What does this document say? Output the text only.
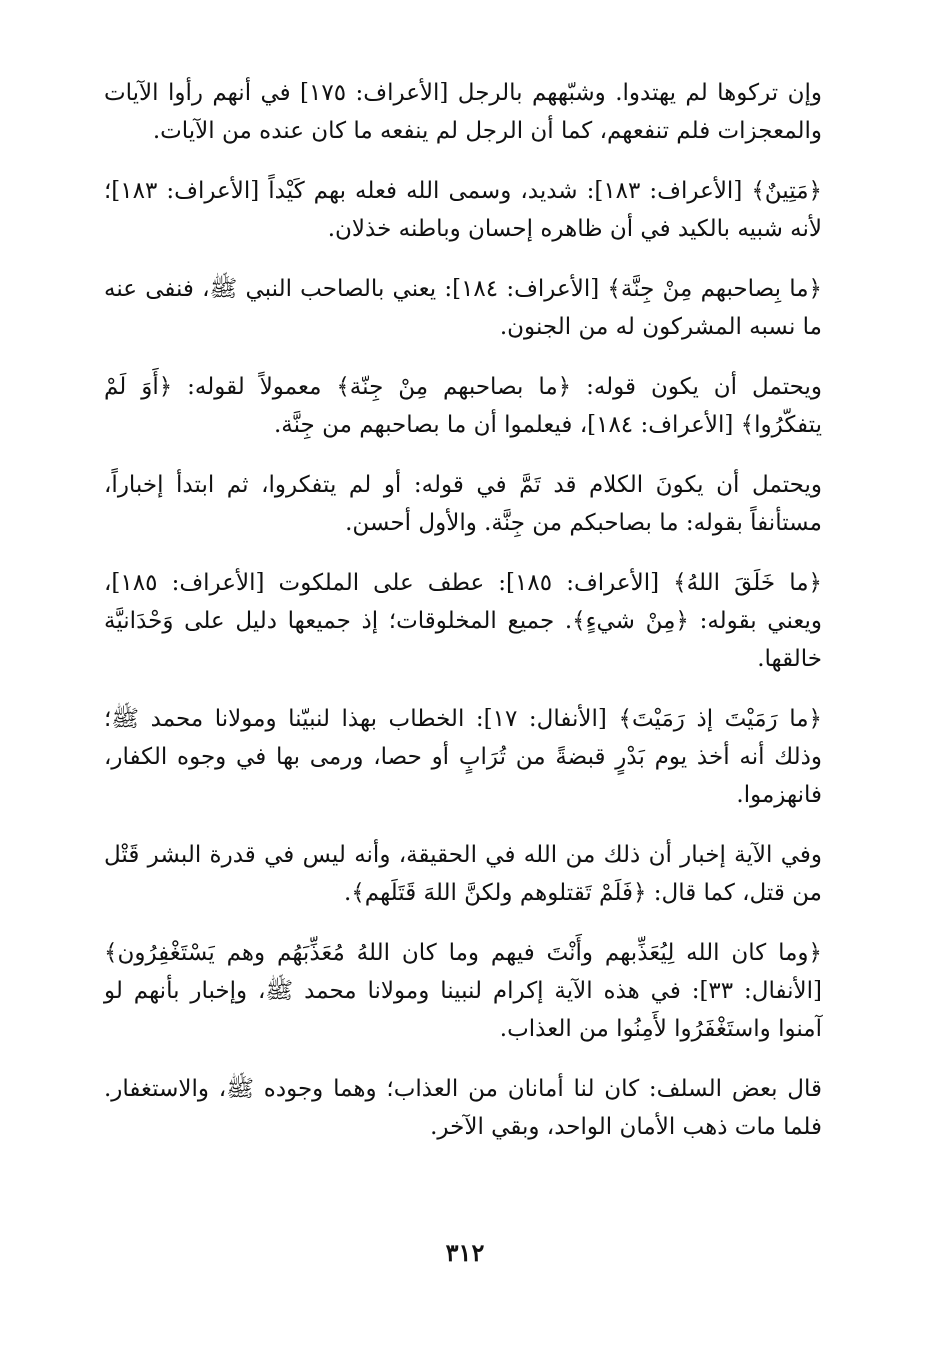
وإن تركوها لم يهتدوا. وشبّههم بالرجل [الأعراف: ١٧٥] في أنهم رأوا الآيات والمعجزات فلم تنفعهم، كما أن الرجل لم ينفعه ما كان عنده من الآيات.

﴿مَتِينٌ﴾ [الأعراف: ١٨٣]: شديد، وسمى الله فعله بهم كَيْداً [الأعراف: ١٨٣]؛ لأنه شبيه بالكيد في أن ظاهره إحسان وباطنه خذلان.

﴿ما بِصاحبهم مِنْ جِنَّة﴾ [الأعراف: ١٨٤]: يعني بالصاحب النبي ﷺ، فنفى عنه ما نسبه المشركون له من الجنون.

ويحتمل أن يكون قوله: ﴿ما بصاحبهم مِنْ جِنّة﴾ معمولاً لقوله: ﴿أَوَ لَمْ يتفكّرُوا﴾ [الأعراف: ١٨٤]، فيعلموا أن ما بصاحبهم من جِنَّة.

ويحتمل أن يكونَ الكلام قد تَمَّ في قوله: أو لم يتفكروا، ثم ابتدأ إخباراً، مستأنفاً بقوله: ما بصاحبكم من جِنَّة. والأول أحسن.

﴿ما خَلَقَ اللهُ﴾ [الأعراف: ١٨٥]: عطف على الملكوت [الأعراف: ١٨٥]، ويعني بقوله: ﴿مِنْ شيءٍ﴾. جميع المخلوقات؛ إذ جميعها دليل على وَحْدَانيَّة خالقها.

﴿ما رَمَيْتَ إذ رَمَيْتَ﴾ [الأنفال: ١٧]: الخطاب بهذا لنبيّنا ومولانا محمد ﷺ؛ وذلك أنه أخذ يوم بَدْرٍ قبضةً من تُرَابٍ أو حصا، ورمى بها في وجوه الكفار، فانهزموا.

وفي الآية إخبار أن ذلك من الله في الحقيقة، وأنه ليس في قدرة البشر قَتْل من قتل، كما قال: ﴿فَلَمْ تَقتلوهم ولكنَّ اللهَ قَتَلَهم﴾.

﴿وما كان الله لِيُعَذِّبهم وأَنْتَ فيهم وما كان اللهُ مُعَذِّبَهُم وهم يَسْتَغْفِرُون﴾ [الأنفال: ٣٣]: في هذه الآية إكرام لنبينا ومولانا محمد ﷺ، وإخبار بأنهم لو آمنوا واستَغْفَرُوا لأَمِنُوا من العذاب.

قال بعض السلف: كان لنا أمانان من العذاب؛ وهما وجوده ﷺ، والاستغفار. فلما مات ذهب الأمان الواحد، وبقي الآخر.

٣١٢
